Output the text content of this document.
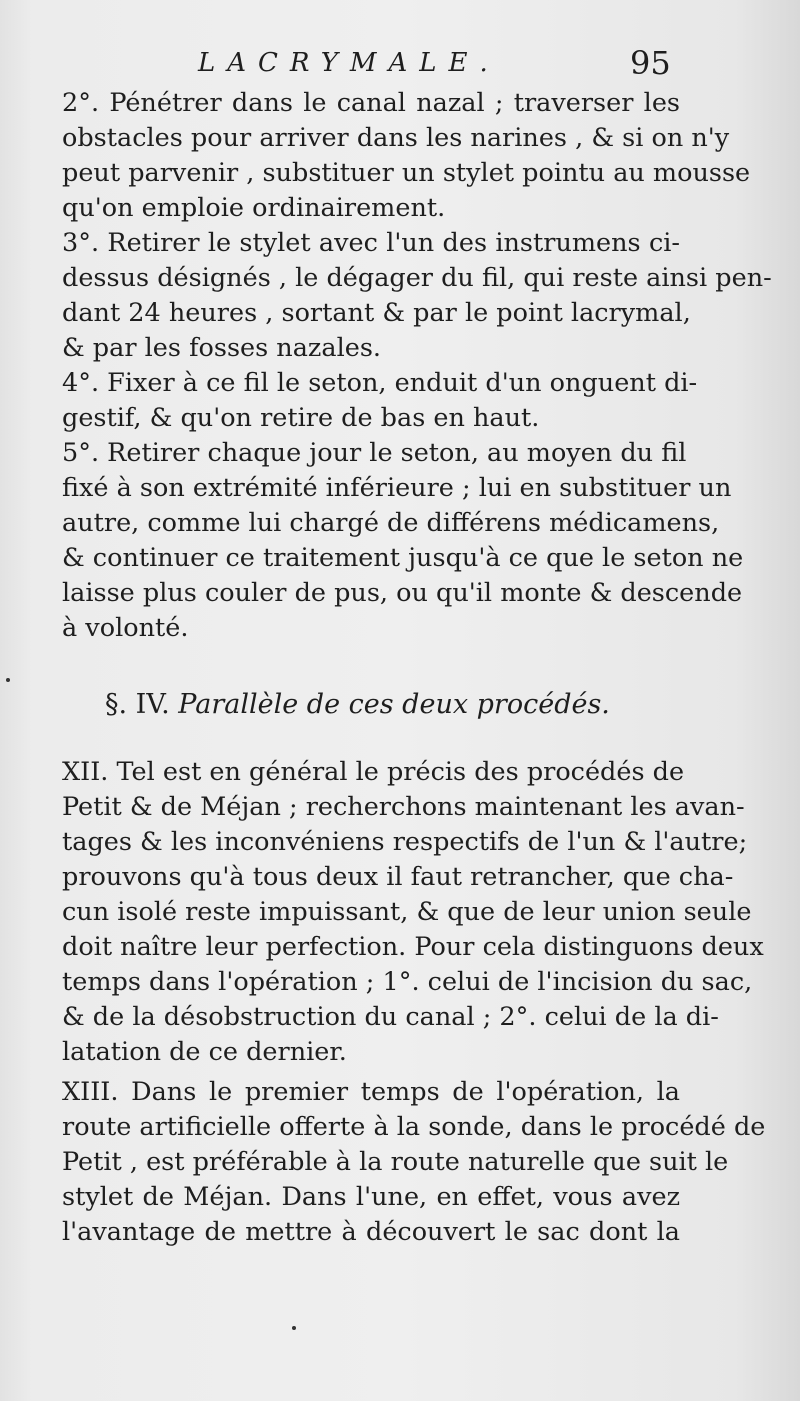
LACRYMALE.	95
2°. Pénétrer dans le canal nazal ; traverser les
obstacles pour arriver dans les narines , & si on n'y
peut parvenir , substituer un stylet pointu au mousse
qu'on emploie ordinairement.
3°. Retirer le stylet avec l'un des instrumens ci-
dessus désignés , le dégager du fil, qui reste ainsi pen-
dant 24 heures , sortant & par le point lacrymal,
& par les fosses nazales.
4°. Fixer à ce fil le seton, enduit d'un onguent di-
gestif, & qu'on retire de bas en haut.
5°. Retirer chaque jour le seton, au moyen du fil
fixé à son extrémité inférieure ; lui en substituer un
autre, comme lui chargé de différens médicamens,
& continuer ce traitement jusqu'à ce que le seton ne
laisse plus couler de pus, ou qu'il monte & descende
à volonté.
§. IV. Parallèle de ces deux procédés.
XII. Tel est en général le précis des procédés de
Petit & de Méjan ; recherchons maintenant les avan-
tages & les inconvéniens respectifs de l'un & l'autre;
prouvons qu'à tous deux il faut retrancher, que cha-
cun isolé reste impuissant, & que de leur union seule
doit naître leur perfection. Pour cela distinguons deux
temps dans l'opération ; 1°. celui de l'incision du sac,
& de la désobstruction du canal ; 2°. celui de la di-
latation de ce dernier.
XIII. Dans le premier temps de l'opération, la
route artificielle offerte à la sonde, dans le procédé de
Petit , est préférable à la route naturelle que suit le
stylet de Méjan. Dans l'une, en effet, vous avez
l'avantage de mettre à découvert le sac dont la
